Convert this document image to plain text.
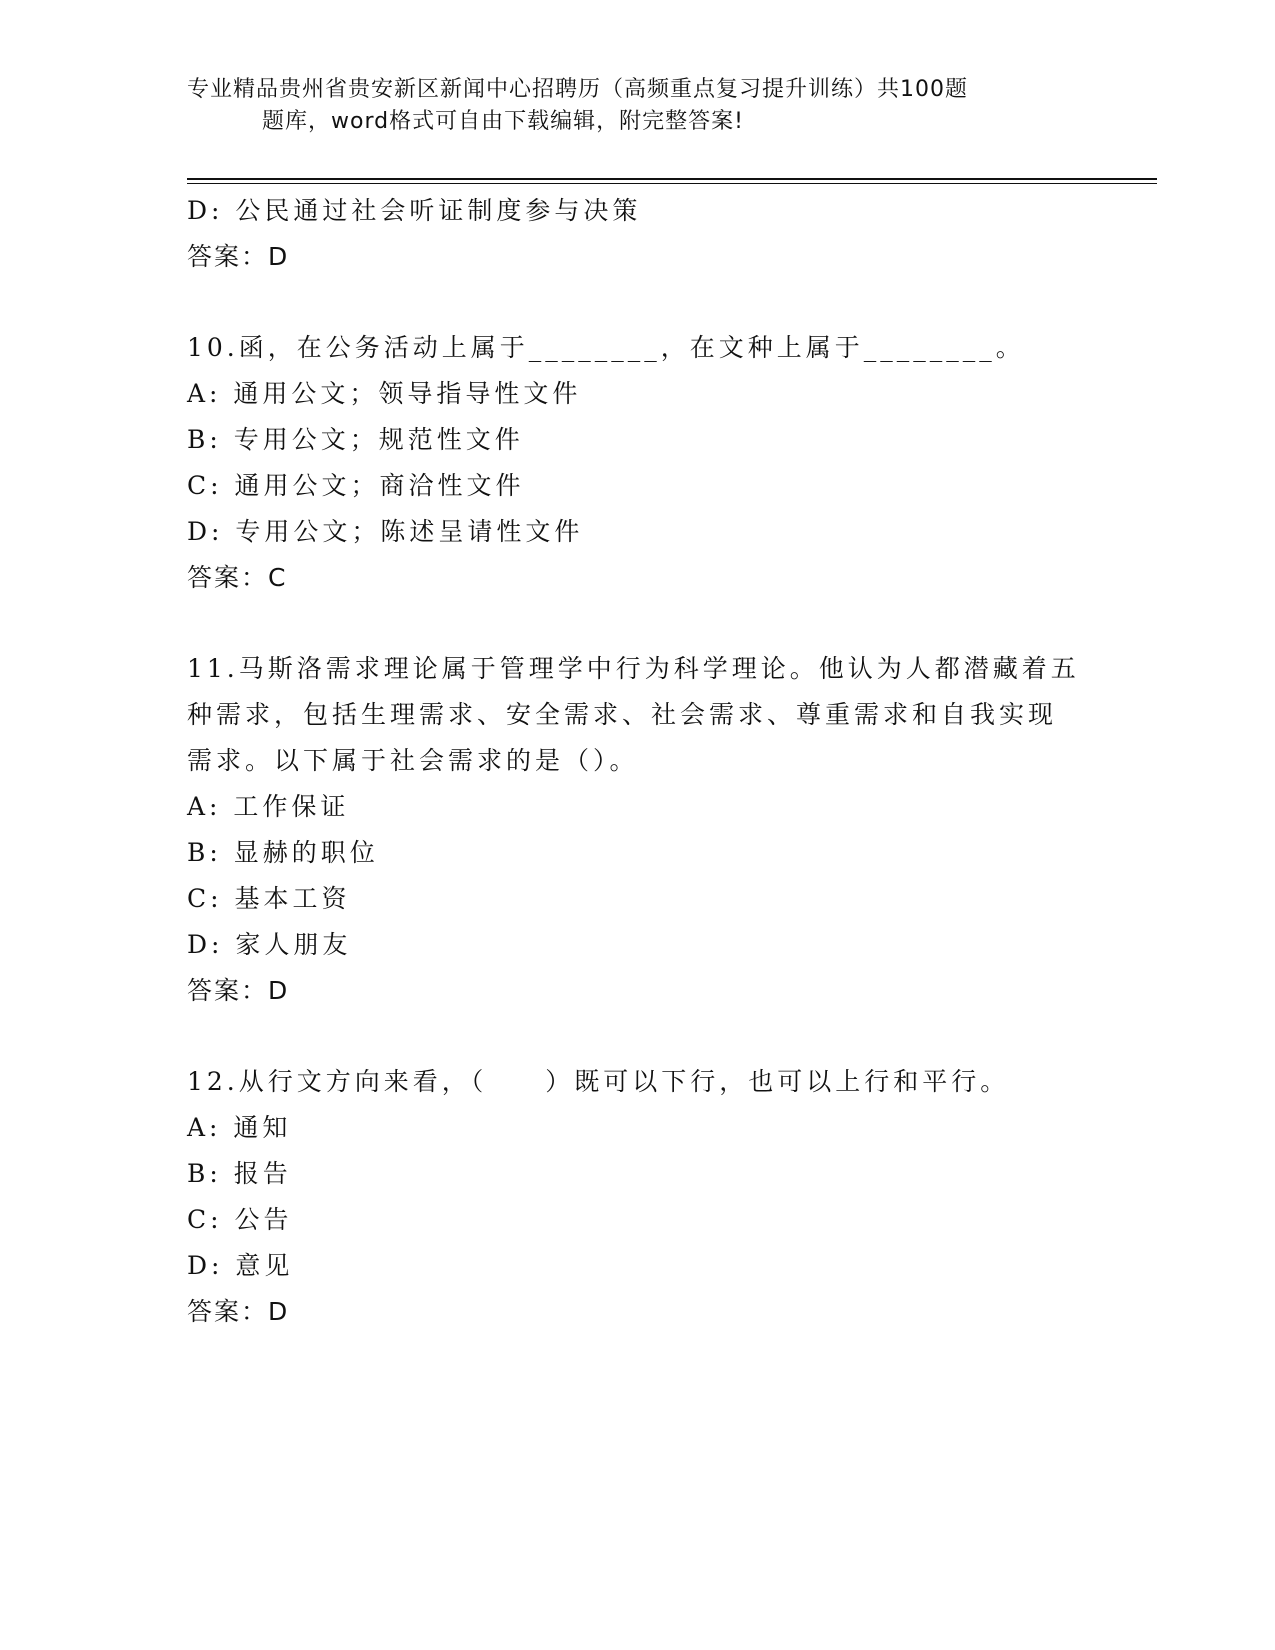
专业精品贵州省贵安新区新闻中心招聘历（高频重点复习提升训练）共100题
题库，word格式可自由下载编辑，附完整答案!
D: 公民通过社会听证制度参与决策
答案：D
10.函，在公务活动上属于________，在文种上属于________。
A: 通用公文；领导指导性文件
B: 专用公文；规范性文件
C: 通用公文；商洽性文件
D: 专用公文；陈述呈请性文件
答案：C
11.马斯洛需求理论属于管理学中行为科学理论。他认为人都潜藏着五
种需求，包括生理需求、安全需求、社会需求、尊重需求和自我实现
需求。以下属于社会需求的是（）。
A: 工作保证
B: 显赫的职位
C: 基本工资
D: 家人朋友
答案：D
12.从行文方向来看，（　　）既可以下行，也可以上行和平行。
A: 通知
B: 报告
C: 公告
D: 意见
答案：D
